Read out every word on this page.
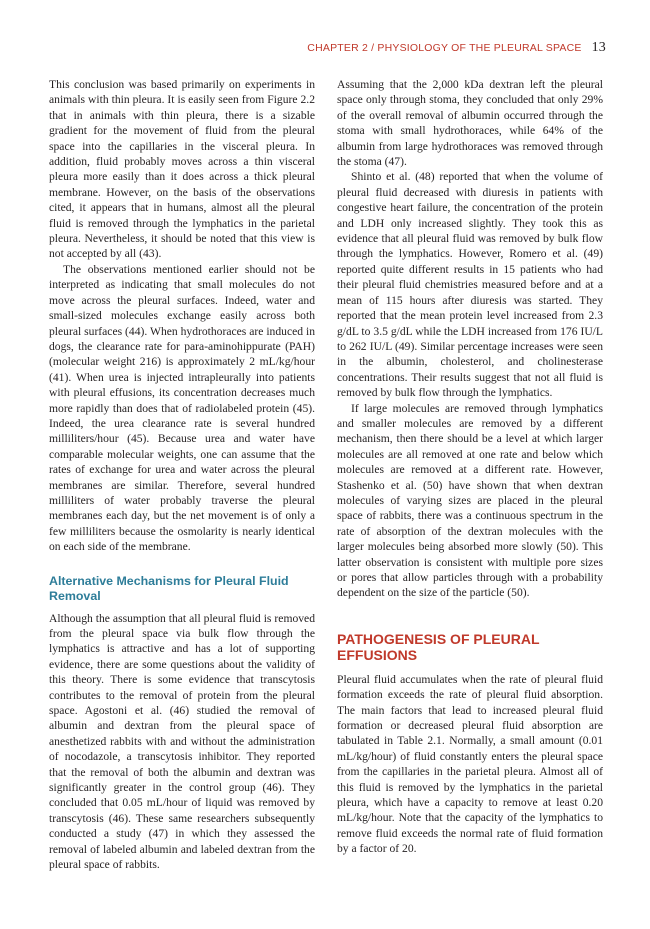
CHAPTER 2 / PHYSIOLOGY OF THE PLEURAL SPACE 13

This conclusion was based primarily on experiments in animals with thin pleura. It is easily seen from Figure 2.2 that in animals with thin pleura, there is a sizable gradient for the movement of fluid from the pleural space into the capillaries in the visceral pleura. In addition, fluid probably moves across a thin visceral pleura more easily than it does across a thick pleural membrane. However, on the basis of the observations cited, it appears that in humans, almost all the pleural fluid is removed through the lymphatics in the parietal pleura. Nevertheless, it should be noted that this view is not accepted by all (43).

The observations mentioned earlier should not be interpreted as indicating that small molecules do not move across the pleural surfaces. Indeed, water and small-sized molecules exchange easily across both pleural surfaces (44). When hydrothoraces are induced in dogs, the clearance rate for para-aminohippurate (PAH) (molecular weight 216) is approximately 2 mL/kg/hour (41). When urea is injected intrapleurally into patients with pleural effusions, its concentration decreases much more rapidly than does that of radiolabeled protein (45). Indeed, the urea clearance rate is several hundred milliliters/hour (45). Because urea and water have comparable molecular weights, one can assume that the rates of exchange for urea and water across the pleural membranes are similar. Therefore, several hundred milliliters of water probably traverse the pleural membranes each day, but the net movement is of only a few milliliters because the osmolarity is nearly identical on each side of the membrane.

Alternative Mechanisms for Pleural Fluid Removal

Although the assumption that all pleural fluid is removed from the pleural space via bulk flow through the lymphatics is attractive and has a lot of supporting evidence, there are some questions about the validity of this theory. There is some evidence that transcytosis contributes to the removal of protein from the pleural space. Agostoni et al. (46) studied the removal of albumin and dextran from the pleural space of anesthetized rabbits with and without the administration of nocodazole, a transcytosis inhibitor. They reported that the removal of both the albumin and dextran was significantly greater in the control group (46). They concluded that 0.05 mL/hour of liquid was removed by transcytosis (46). These same researchers subsequently conducted a study (47) in which they assessed the removal of labeled albumin and labeled dextran from the pleural space of rabbits.

Assuming that the 2,000 kDa dextran left the pleural space only through stoma, they concluded that only 29% of the overall removal of albumin occurred through the stoma with small hydrothoraces, while 64% of the albumin from large hydrothoraces was removed through the stoma (47).

Shinto et al. (48) reported that when the volume of pleural fluid decreased with diuresis in patients with congestive heart failure, the concentration of the protein and LDH only increased slightly. They took this as evidence that all pleural fluid was removed by bulk flow through the lymphatics. However, Romero et al. (49) reported quite different results in 15 patients who had their pleural fluid chemistries measured before and at a mean of 115 hours after diuresis was started. They reported that the mean protein level increased from 2.3 g/dL to 3.5 g/dL while the LDH increased from 176 IU/L to 262 IU/L (49). Similar percentage increases were seen in the albumin, cholesterol, and cholinesterase concentrations. Their results suggest that not all fluid is removed by bulk flow through the lymphatics.

If large molecules are removed through lymphatics and smaller molecules are removed by a different mechanism, then there should be a level at which larger molecules are all removed at one rate and below which molecules are removed at a different rate. However, Stashenko et al. (50) have shown that when dextran molecules of varying sizes are placed in the pleural space of rabbits, there was a continuous spectrum in the rate of absorption of the dextran molecules with the larger molecules being absorbed more slowly (50). This latter observation is consistent with multiple pore sizes or pores that allow particles through with a probability dependent on the size of the particle (50).

PATHOGENESIS OF PLEURAL EFFUSIONS

Pleural fluid accumulates when the rate of pleural fluid formation exceeds the rate of pleural fluid absorption. The main factors that lead to increased pleural fluid formation or decreased pleural fluid absorption are tabulated in Table 2.1. Normally, a small amount (0.01 mL/kg/hour) of fluid constantly enters the pleural space from the capillaries in the parietal pleura. Almost all of this fluid is removed by the lymphatics in the parietal pleura, which have a capacity to remove at least 0.20 mL/kg/hour. Note that the capacity of the lymphatics to remove fluid exceeds the normal rate of fluid formation by a factor of 20.
